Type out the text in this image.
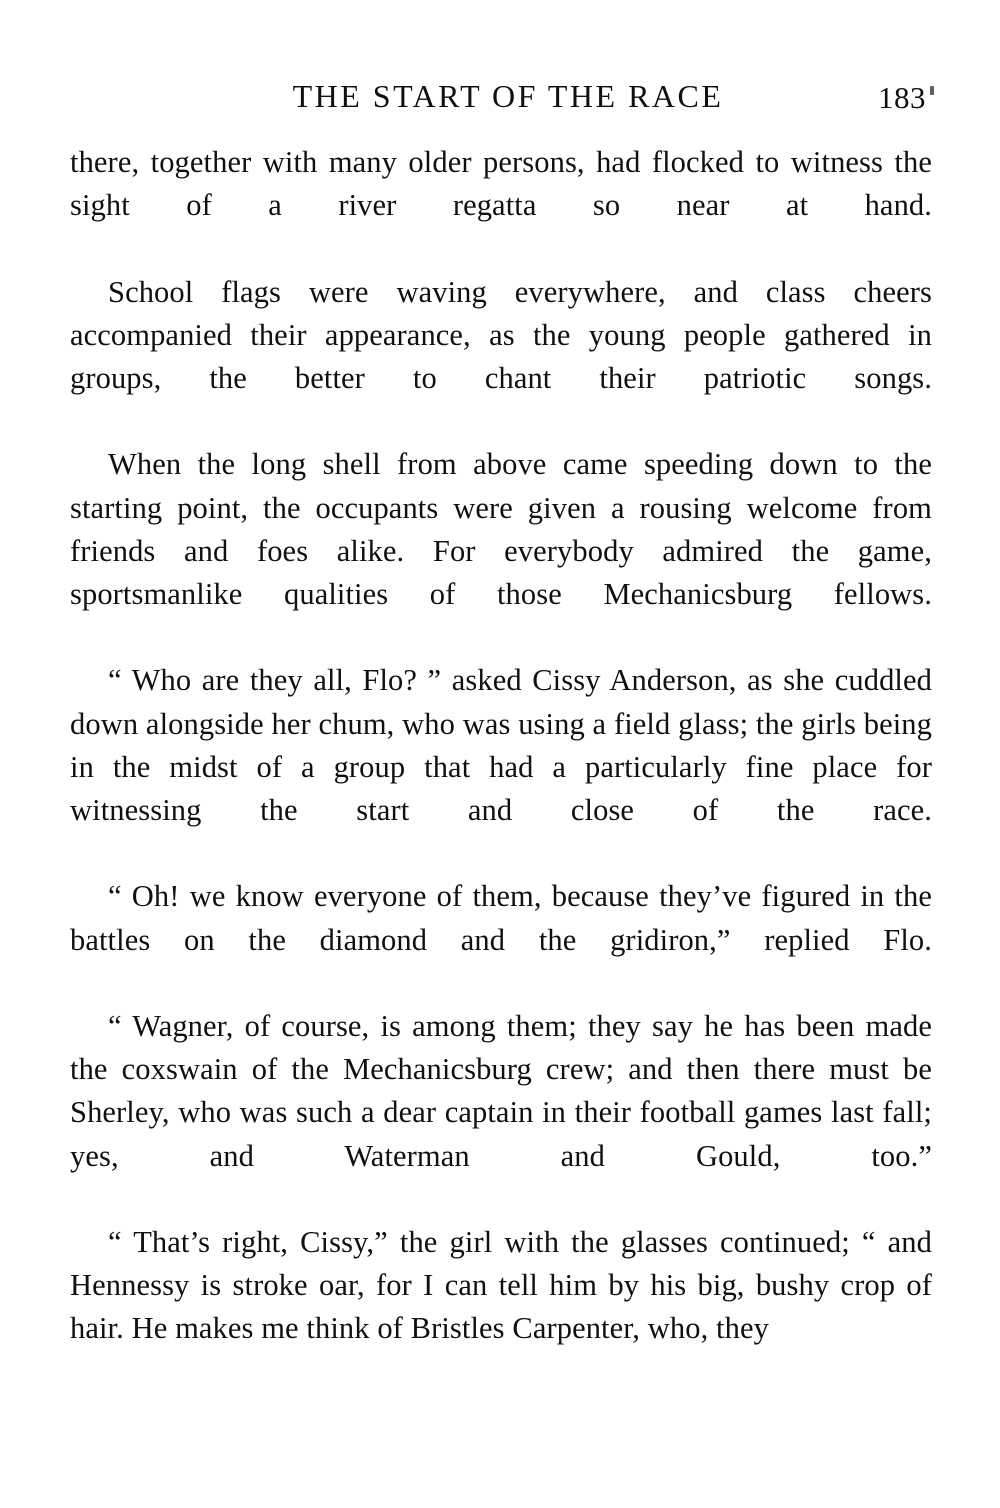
THE START OF THE RACE	183

there, together with many older persons, had flocked to witness the sight of a river regatta so near at hand.

School flags were waving everywhere, and class cheers accompanied their appearance, as the young people gathered in groups, the better to chant their patriotic songs.

When the long shell from above came speeding down to the starting point, the occupants were given a rousing welcome from friends and foes alike. For everybody admired the game, sportsmanlike qualities of those Mechanicsburg fellows.

“ Who are they all, Flo? ” asked Cissy Anderson, as she cuddled down alongside her chum, who was using a field glass; the girls being in the midst of a group that had a particularly fine place for witnessing the start and close of the race.

“ Oh! we know everyone of them, because they’ve figured in the battles on the diamond and the gridiron,” replied Flo.

“ Wagner, of course, is among them; they say he has been made the coxswain of the Mechanicsburg crew; and then there must be Sherley, who was such a dear captain in their football games last fall; yes, and Waterman and Gould, too.”

“ That’s right, Cissy,” the girl with the glasses continued; “ and Hennessy is stroke oar, for I can tell him by his big, bushy crop of hair. He makes me think of Bristles Carpenter, who, they
